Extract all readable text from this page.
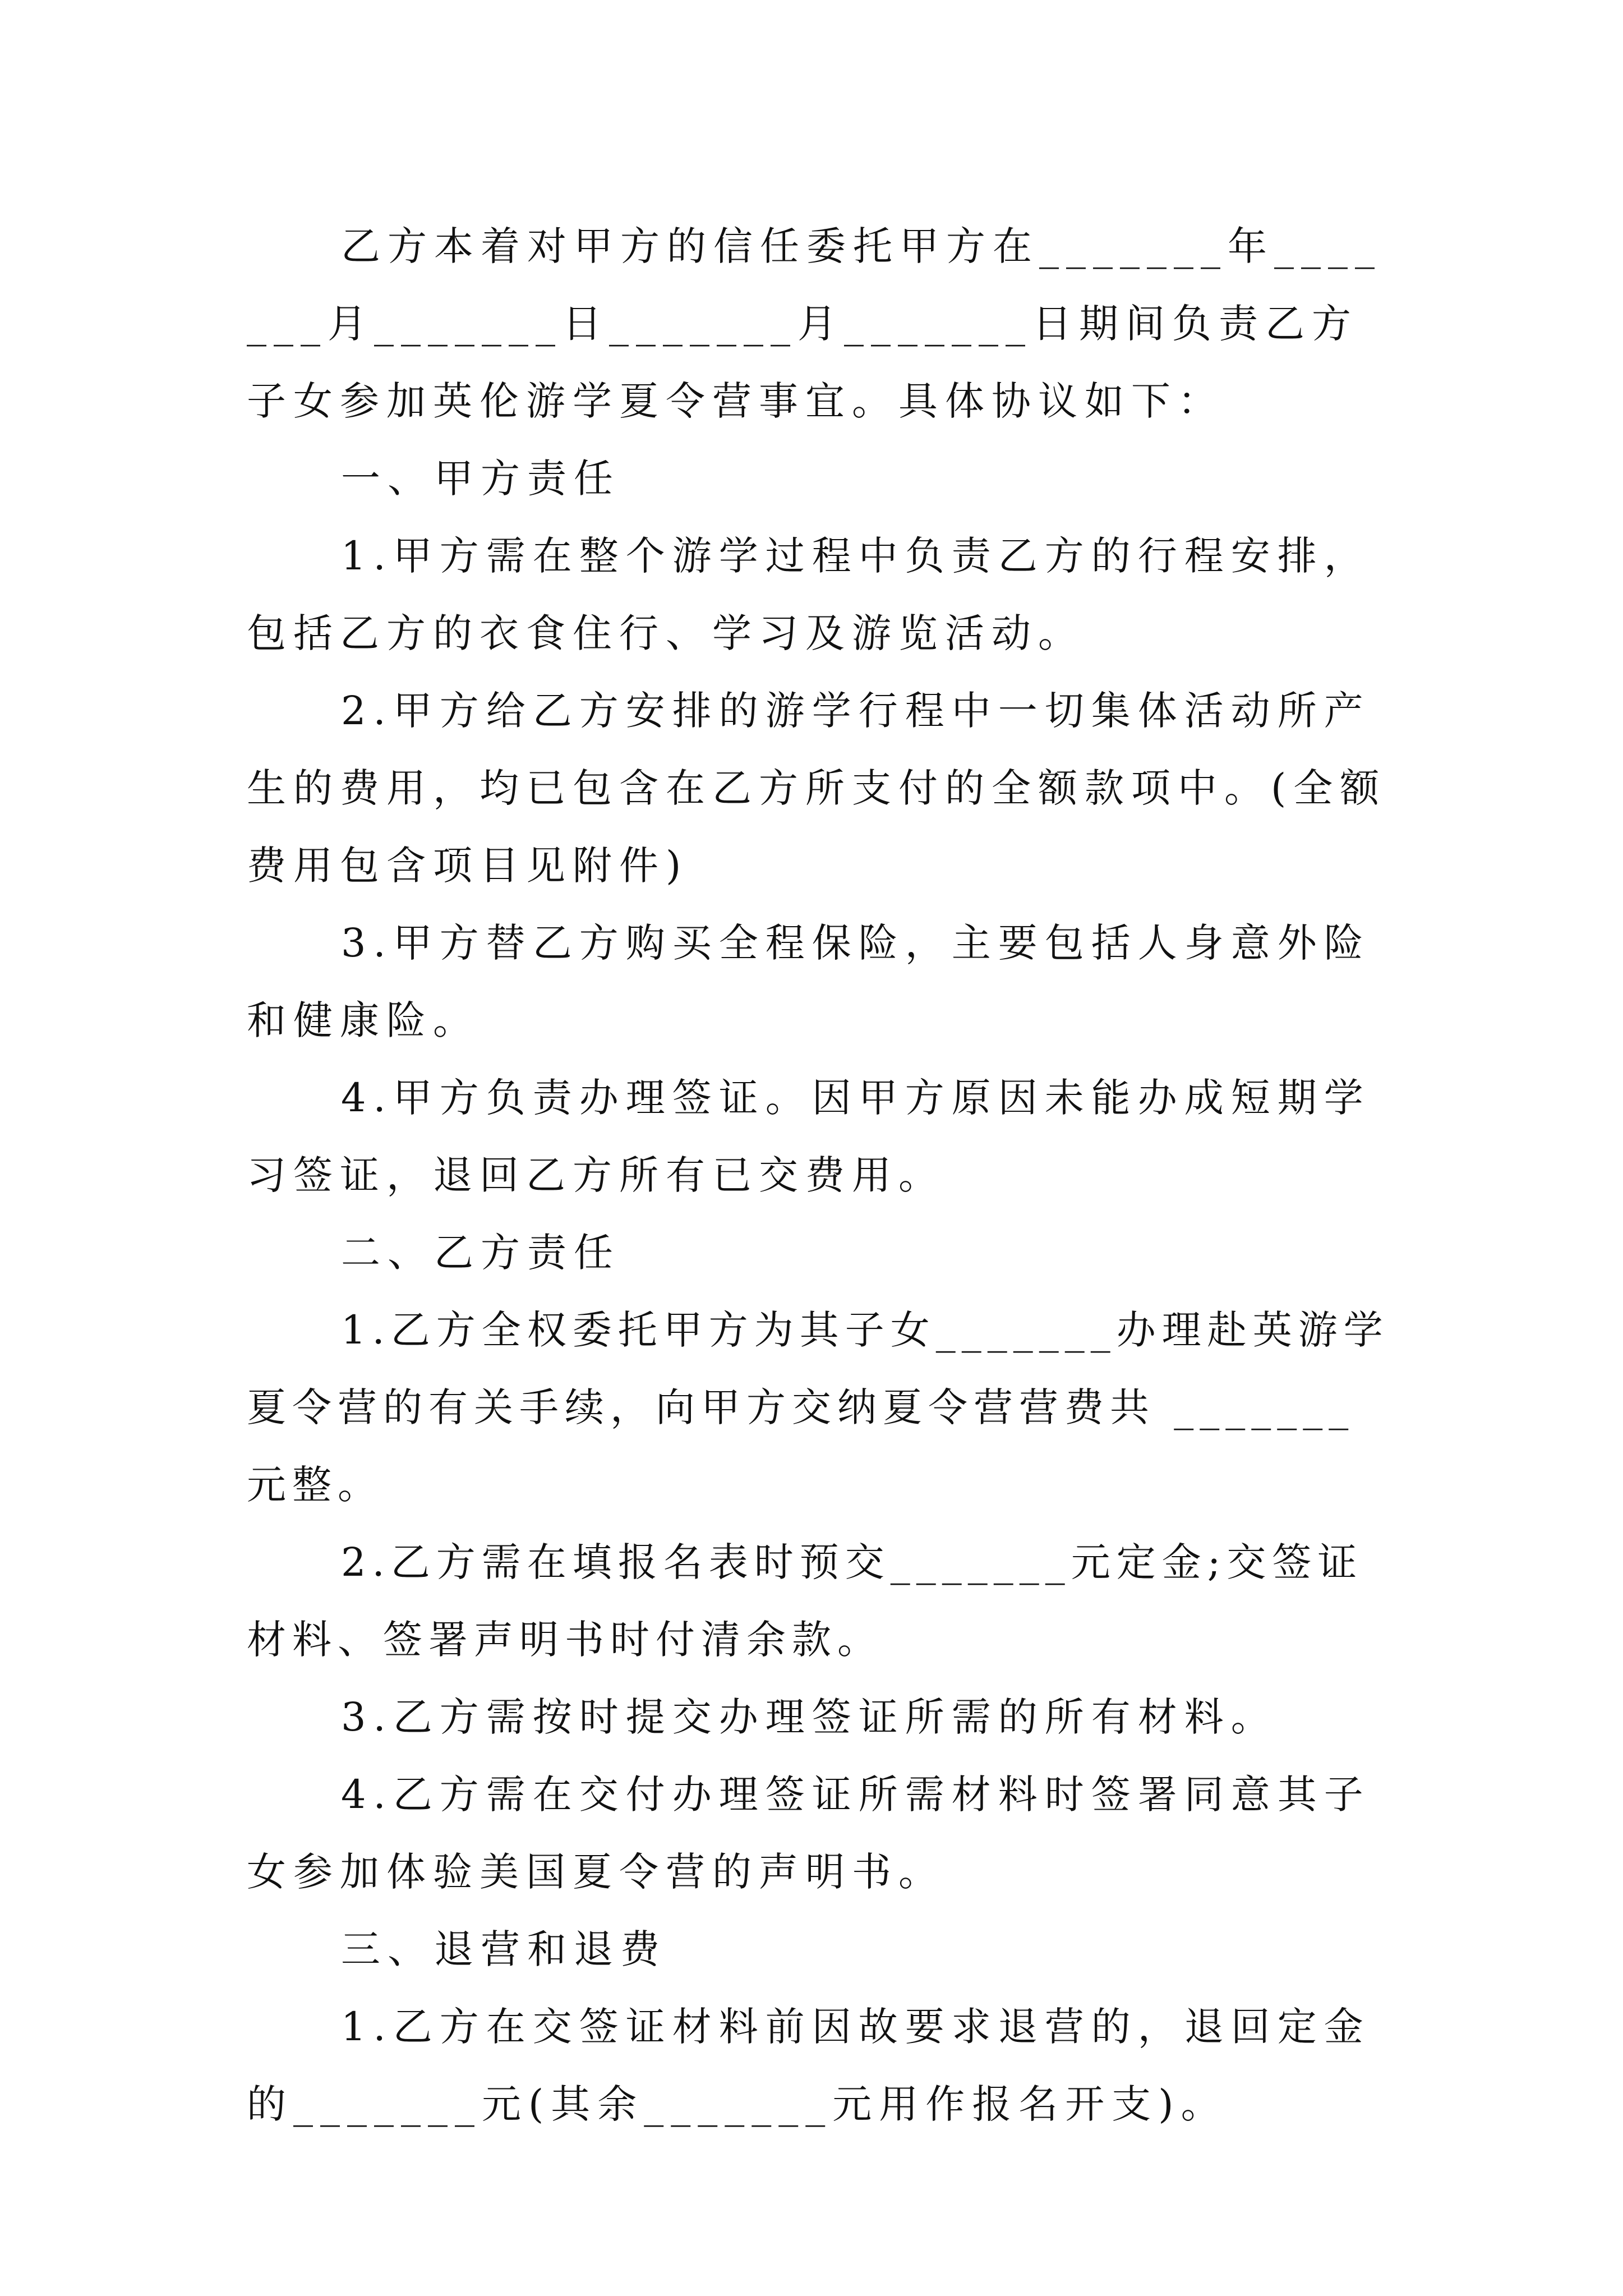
乙方本着对甲方的信任委托甲方在_______年_______月_______日_______月_______日期间负责乙方子女参加英伦游学夏令营事宜。具体协议如下：

一、甲方责任

1.甲方需在整个游学过程中负责乙方的行程安排，包括乙方的衣食住行、学习及游览活动。

2.甲方给乙方安排的游学行程中一切集体活动所产生的费用，均已包含在乙方所支付的全额款项中。(全额费用包含项目见附件)

3.甲方替乙方购买全程保险，主要包括人身意外险和健康险。

4.甲方负责办理签证。因甲方原因未能办成短期学习签证，退回乙方所有已交费用。

二、乙方责任

1.乙方全权委托甲方为其子女_______办理赴英游学夏令营的有关手续，向甲方交纳夏令营营费共 _______元整。

2.乙方需在填报名表时预交_______元定金;交签证材料、签署声明书时付清余款。

3.乙方需按时提交办理签证所需的所有材料。

4.乙方需在交付办理签证所需材料时签署同意其子女参加体验美国夏令营的声明书。

三、退营和退费

1.乙方在交签证材料前因故要求退营的，退回定金的_______元(其余_______元用作报名开支)。
